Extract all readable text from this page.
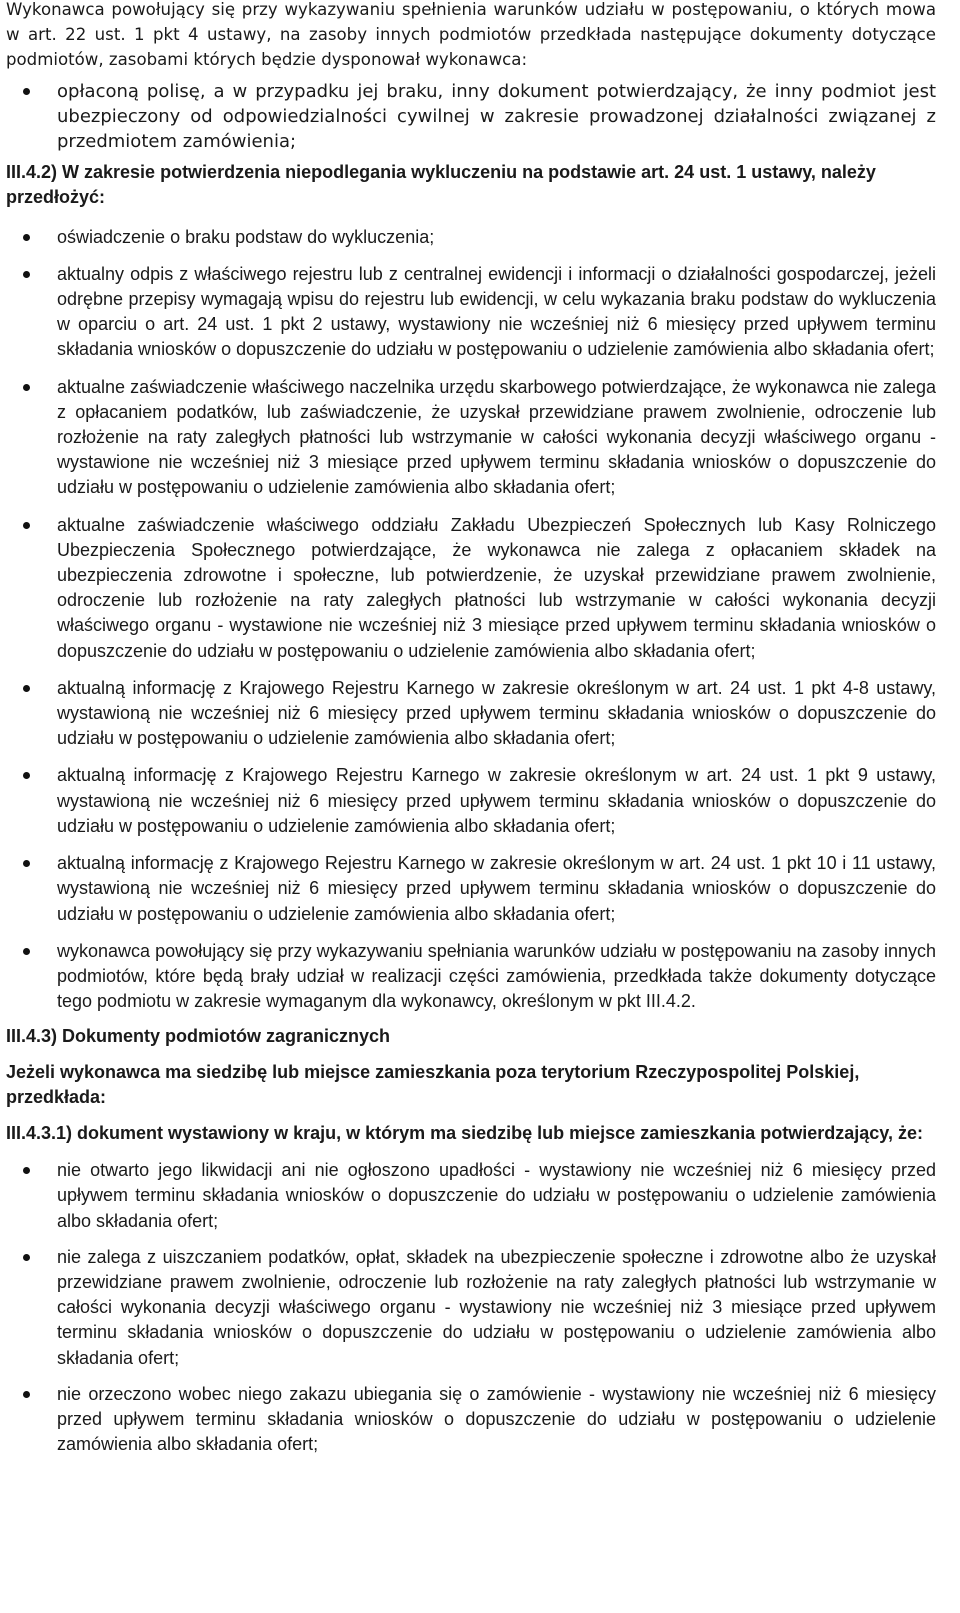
Wykonawca powołujący się przy wykazywaniu spełnienia warunków udziału w postępowaniu, o których mowa w art. 22 ust. 1 pkt 4 ustawy, na zasoby innych podmiotów przedkłada następujące dokumenty dotyczące podmiotów, zasobami których będzie dysponował wykonawca:

opłaconą polisę, a w przypadku jej braku, inny dokument potwierdzający, że inny podmiot jest ubezpieczony od odpowiedzialności cywilnej w zakresie prowadzonej działalności związanej z przedmiotem zamówienia;

III.4.2) W zakresie potwierdzenia niepodlegania wykluczeniu na podstawie art. 24 ust. 1 ustawy, należy przedłożyć:

oświadczenie o braku podstaw do wykluczenia;
aktualny odpis z właściwego rejestru lub z centralnej ewidencji i informacji o działalności gospodarczej, jeżeli odrębne przepisy wymagają wpisu do rejestru lub ewidencji, w celu wykazania braku podstaw do wykluczenia w oparciu o art. 24 ust. 1 pkt 2 ustawy, wystawiony nie wcześniej niż 6 miesięcy przed upływem terminu składania wniosków o dopuszczenie do udziału w postępowaniu o udzielenie zamówienia albo składania ofert;
aktualne zaświadczenie właściwego naczelnika urzędu skarbowego potwierdzające, że wykonawca nie zalega z opłacaniem podatków, lub zaświadczenie, że uzyskał przewidziane prawem zwolnienie, odroczenie lub rozłożenie na raty zaległych płatności lub wstrzymanie w całości wykonania decyzji właściwego organu - wystawione nie wcześniej niż 3 miesiące przed upływem terminu składania wniosków o dopuszczenie do udziału w postępowaniu o udzielenie zamówienia albo składania ofert;
aktualne zaświadczenie właściwego oddziału Zakładu Ubezpieczeń Społecznych lub Kasy Rolniczego Ubezpieczenia Społecznego potwierdzające, że wykonawca nie zalega z opłacaniem składek na ubezpieczenia zdrowotne i społeczne, lub potwierdzenie, że uzyskał przewidziane prawem zwolnienie, odroczenie lub rozłożenie na raty zaległych płatności lub wstrzymanie w całości wykonania decyzji właściwego organu - wystawione nie wcześniej niż 3 miesiące przed upływem terminu składania wniosków o dopuszczenie do udziału w postępowaniu o udzielenie zamówienia albo składania ofert;
aktualną informację z Krajowego Rejestru Karnego w zakresie określonym w art. 24 ust. 1 pkt 4-8 ustawy, wystawioną nie wcześniej niż 6 miesięcy przed upływem terminu składania wniosków o dopuszczenie do udziału w postępowaniu o udzielenie zamówienia albo składania ofert;
aktualną informację z Krajowego Rejestru Karnego w zakresie określonym w art. 24 ust. 1 pkt 9 ustawy, wystawioną nie wcześniej niż 6 miesięcy przed upływem terminu składania wniosków o dopuszczenie do udziału w postępowaniu o udzielenie zamówienia albo składania ofert;
aktualną informację z Krajowego Rejestru Karnego w zakresie określonym w art. 24 ust. 1 pkt 10 i 11 ustawy, wystawioną nie wcześniej niż 6 miesięcy przed upływem terminu składania wniosków o dopuszczenie do udziału w postępowaniu o udzielenie zamówienia albo składania ofert;
wykonawca powołujący się przy wykazywaniu spełniania warunków udziału w postępowaniu na zasoby innych podmiotów, które będą brały udział w realizacji części zamówienia, przedkłada także dokumenty dotyczące tego podmiotu w zakresie wymaganym dla wykonawcy, określonym w pkt III.4.2.

III.4.3) Dokumenty podmiotów zagranicznych

Jeżeli wykonawca ma siedzibę lub miejsce zamieszkania poza terytorium Rzeczypospolitej Polskiej, przedkłada:

III.4.3.1) dokument wystawiony w kraju, w którym ma siedzibę lub miejsce zamieszkania potwierdzający, że:

nie otwarto jego likwidacji ani nie ogłoszono upadłości - wystawiony nie wcześniej niż 6 miesięcy przed upływem terminu składania wniosków o dopuszczenie do udziału w postępowaniu o udzielenie zamówienia albo składania ofert;
nie zalega z uiszczaniem podatków, opłat, składek na ubezpieczenie społeczne i zdrowotne albo że uzyskał przewidziane prawem zwolnienie, odroczenie lub rozłożenie na raty zaległych płatności lub wstrzymanie w całości wykonania decyzji właściwego organu - wystawiony nie wcześniej niż 3 miesiące przed upływem terminu składania wniosków o dopuszczenie do udziału w postępowaniu o udzielenie zamówienia albo składania ofert;
nie orzeczono wobec niego zakazu ubiegania się o zamówienie - wystawiony nie wcześniej niż 6 miesięcy przed upływem terminu składania wniosków o dopuszczenie do udziału w postępowaniu o udzielenie zamówienia albo składania ofert;
